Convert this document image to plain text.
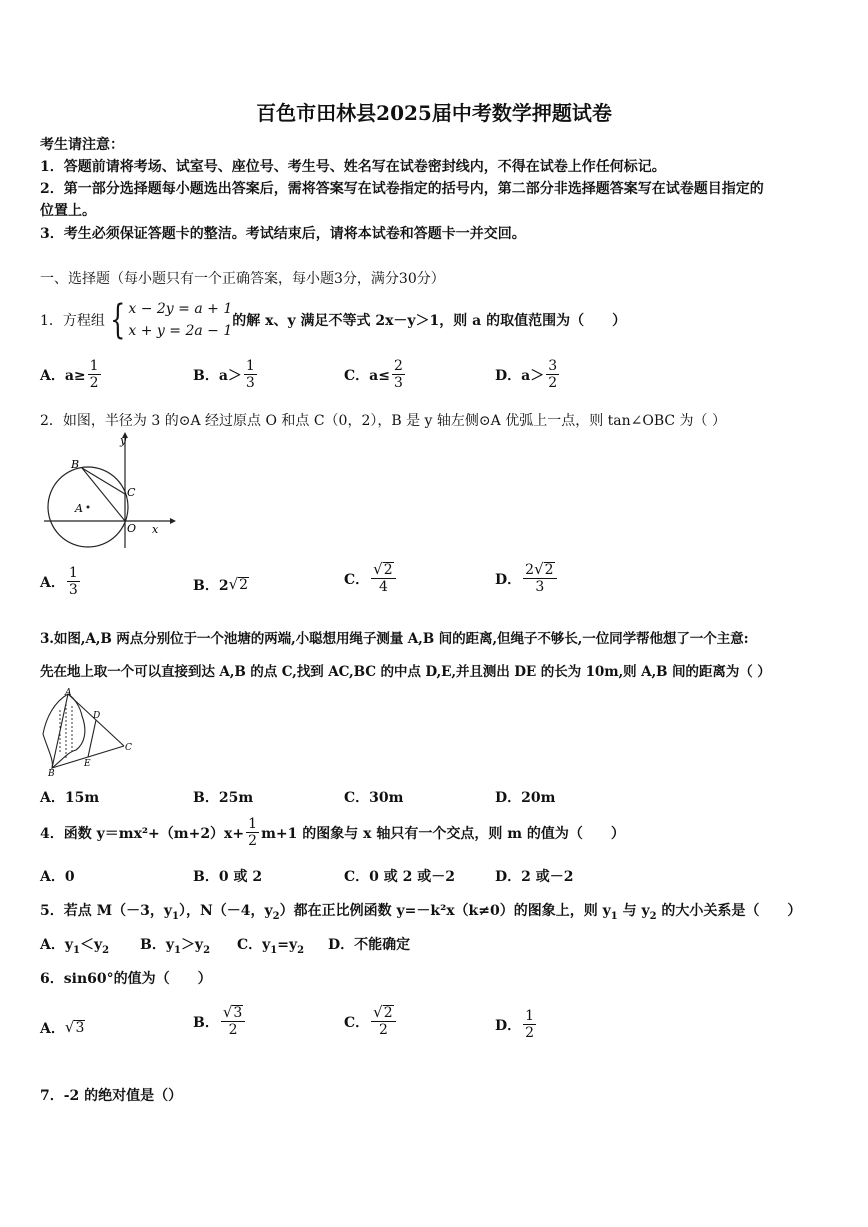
百色市田林县2025届中考数学押题试卷
考生请注意：
1．答题前请将考场、试室号、座位号、考生号、姓名写在试卷密封线内，不得在试卷上作任何标记。
2．第一部分选择题每小题选出答案后，需将答案写在试卷指定的括号内，第二部分非选择题答案写在试卷题目指定的
位置上。
3．考生必须保证答题卡的整洁。考试结束后，请将本试卷和答题卡一并交回。
一、选择题（每小题只有一个正确答案，每小题3分，满分30分）
1．方程组 { x − 2y = a + 1
x + y = 2a − 1
的解 x、y 满足不等式 2x－y＞1，则 a 的取值范围为（　　）
A．$a\ge \frac{1}{2}$	B．$a> \frac{1}{3}$	C．$a\le \frac{2}{3}$	D．$a> \frac{3}{2}$
2．如图，半径为 3 的⊙A 经过原点 O 和点 C（0，2），B 是 y 轴左侧⊙A 优弧上一点，则 tan∠OBC 为（ ）
y
x
B
C
A
O
A． $\frac{1}{3}$	B．2 √ 2	C． $\frac{√ 2}{4}$	D． $\frac{2 √ 2}{3}$
3.如图,A,B 两点分别位于一个池塘的两端,小聪想用绳子测量 A,B 间的距离,但绳子不够长,一位同学帮他想了一个主意:
先在地上取一个可以直接到达 A,B 的点 C,找到 AC,BC 的中点 D,E,并且测出 DE 的长为 10m,则 A,B 间的距离为（ ）
A
B
C
D
E
A．15m	B．25m	C．30m	D．20m
4．函数 $y=mx^2+(m+2)x+ \frac{1}{2} m+1$ 的图象与 x 轴只有一个交点，则 m 的值为（　　）
A．0	B．0 或 2	C．0 或 2 或－2	D．2 或－2
5．若点 M（－3，$y_1$），N（－4，$y_2$）都在正比例函数 y=－k²x（k≠0）的图象上，则 $y_1$ 与 $y_2$ 的大小关系是（　　）
A．$y_1<y_2$ B．$y_1>y_2$ C．$y_1=y_2$ D．不能确定
6．sin60°的值为（　　）
A． √ 3	B． $\frac{√ 3}{2}$	C． $\frac{√ 2}{2}$	D． $\frac{1}{2}$
7．-2 的绝对值是（）
